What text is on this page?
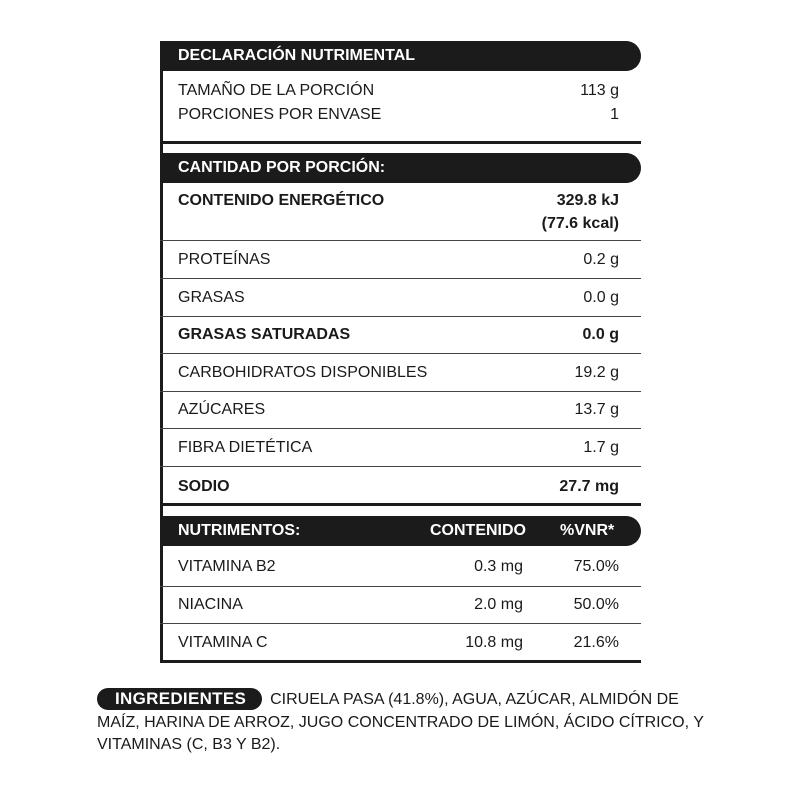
DECLARACIÓN NUTRIMENTAL
TAMAÑO DE LA PORCIÓN	113 g
PORCIONES POR ENVASE	1
CANTIDAD POR PORCIÓN:
CONTENIDO ENERGÉTICO	329.8 kJ
(77.6 kcal)
PROTEÍNAS	0.2 g
GRASAS	0.0 g
GRASAS SATURADAS	0.0 g
CARBOHIDRATOS DISPONIBLES	19.2 g
AZÚCARES	13.7 g
FIBRA DIETÉTICA	1.7 g
SODIO	27.7 mg
NUTRIMENTOS:	CONTENIDO %VNR*
VITAMINA B2	0.3 mg	75.0%
NIACINA	2.0 mg	50.0%
VITAMINA C	10.8 mg	21.6%
INGREDIENTES CIRUELA PASA (41.8%), AGUA, AZÚCAR, ALMIDÓN DE MAÍZ, HARINA DE ARROZ, JUGO CONCENTRADO DE LIMÓN, ÁCIDO CÍTRICO, Y VITAMINAS (C, B3 Y B2).
